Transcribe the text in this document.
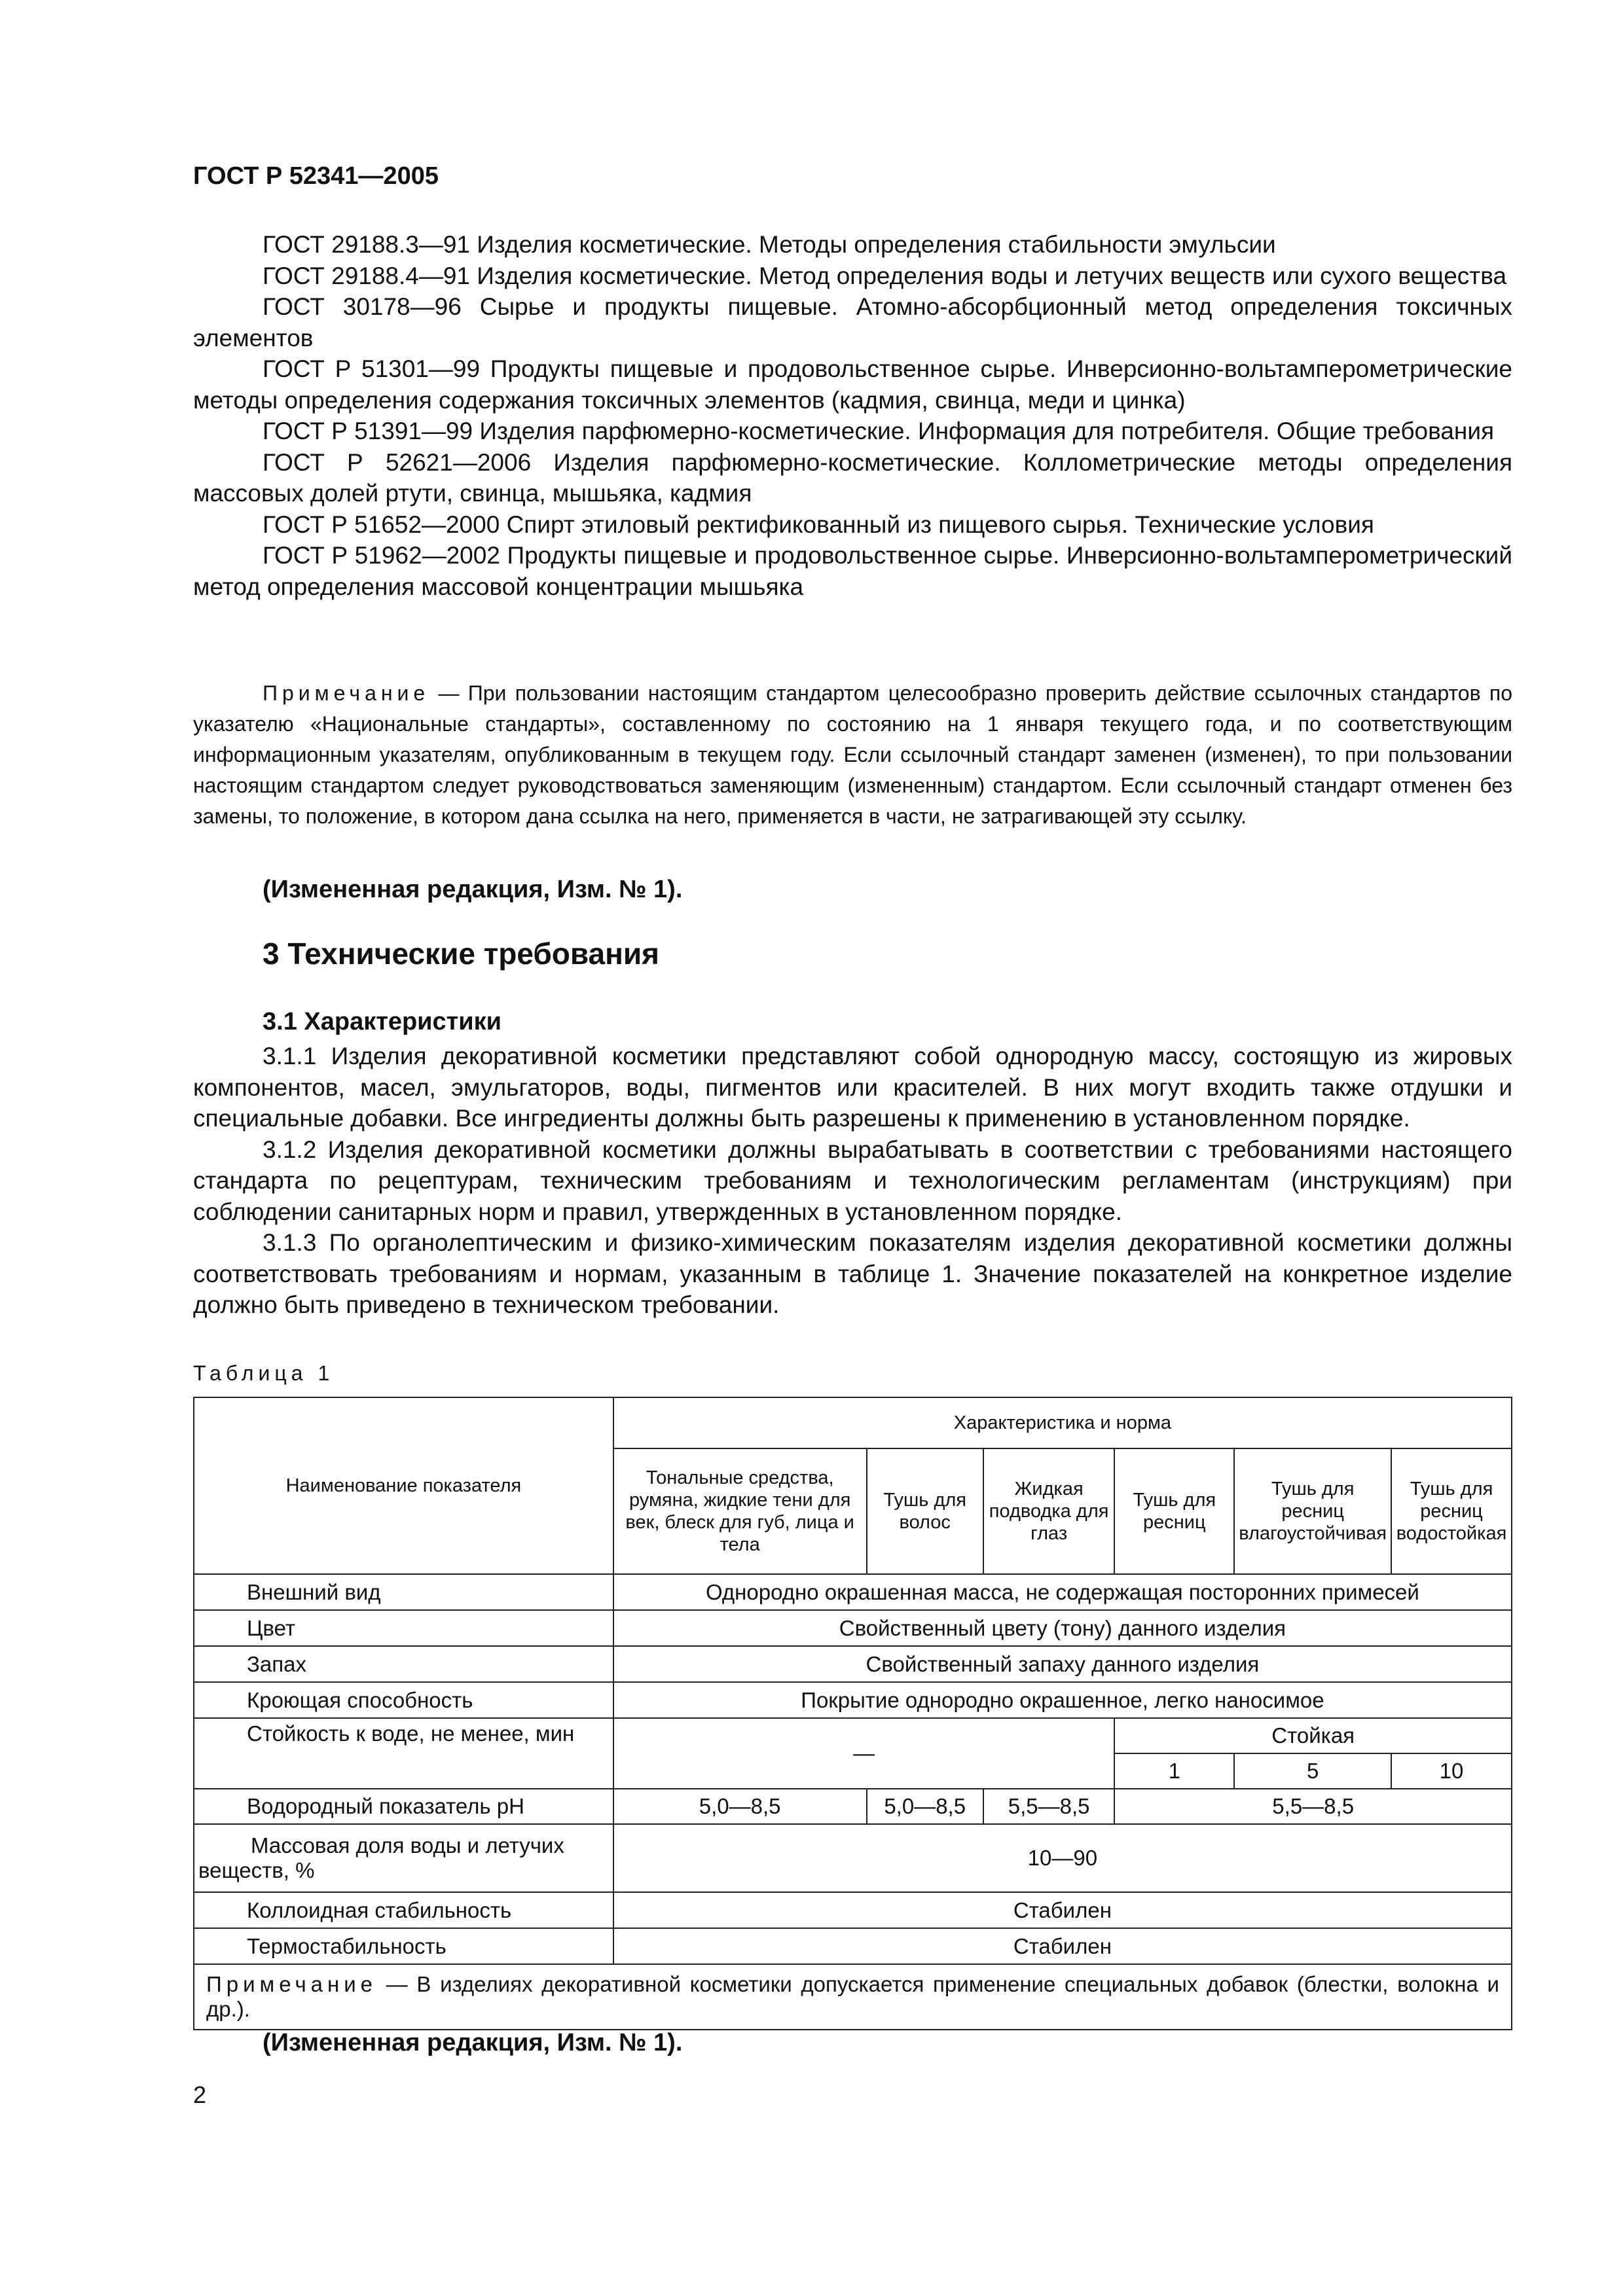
ГОСТ Р 52341—2005

ГОСТ 29188.3—91 Изделия косметические. Методы определения стабильности эмульсии

ГОСТ 29188.4—91 Изделия косметические. Метод определения воды и летучих веществ или сухого вещества

ГОСТ 30178—96 Сырье и продукты пищевые. Атомно-абсорбционный метод определения токсичных элементов

ГОСТ Р 51301—99 Продукты пищевые и продовольственное сырье. Инверсионно-вольтамперометрические методы определения содержания токсичных элементов (кадмия, свинца, меди и цинка)

ГОСТ Р 51391—99 Изделия парфюмерно-косметические. Информация для потребителя. Общие требования

ГОСТ Р 52621—2006 Изделия парфюмерно-косметические. Коллометрические методы определения массовых долей ртути, свинца, мышьяка, кадмия

ГОСТ Р 51652—2000 Спирт этиловый ректификованный из пищевого сырья. Технические условия

ГОСТ Р 51962—2002 Продукты пищевые и продовольственное сырье. Инверсионно-вольтамперометрический метод определения массовой концентрации мышьяка

Примечание — При пользовании настоящим стандартом целесообразно проверить действие ссылочных стандартов по указателю «Национальные стандарты», составленному по состоянию на 1 января текущего года, и по соответствующим информационным указателям, опубликованным в текущем году. Если ссылочный стандарт заменен (изменен), то при пользовании настоящим стандартом следует руководствоваться заменяющим (измененным) стандартом. Если ссылочный стандарт отменен без замены, то положение, в котором дана ссылка на него, применяется в части, не затрагивающей эту ссылку.

(Измененная редакция, Изм. № 1).
3 Технические требования
3.1 Характеристики

3.1.1 Изделия декоративной косметики представляют собой однородную массу, состоящую из жировых компонентов, масел, эмульгаторов, воды, пигментов или красителей. В них могут входить также отдушки и специальные добавки. Все ингредиенты должны быть разрешены к применению в установленном порядке.

3.1.2 Изделия декоративной косметики должны вырабатывать в соответствии с требованиями настоящего стандарта по рецептурам, техническим требованиям и технологическим регламентам (инструкциям) при соблюдении санитарных норм и правил, утвержденных в установленном порядке.

3.1.3 По органолептическим и физико-химическим показателям изделия декоративной косметики должны соответствовать требованиям и нормам, указанным в таблице 1. Значение показателей на конкретное изделие должно быть приведено в техническом требовании.

Таблица 1
Наименование показателя	Характеристика и норма					
	Тональные средства, румяна, жидкие тени для век, блеск для губ, лица и тела	Тушь для волос	Жидкая подводка для глаз	Тушь для ресниц	Тушь для ресниц влагоустойчивая	Тушь для ресниц водостойкая
Внешний вид	Однородно окрашенная масса, не содержащая посторонних примесей					
Цвет	Свойственный цвету (тону) данного изделия					
Запах	Свойственный запаху данного изделия					
Кроющая способность	Покрытие однородно окрашенное, легко наносимое					
Стойкость к воде, не менее, мин	—			Стойкая		
				1	5	10
Водородный показатель pH	5,0—8,5	5,0—8,5	5,5—8,5	5,5—8,5		
Массовая доля воды и летучих веществ, %	10—90					
Коллоидная стабильность	Стабилен					
Термостабильность	Стабилен					
Примечание — В изделиях декоративной косметики допускается применение специальных добавок (блестки, волокна и др.).						
(Измененная редакция, Изм. № 1).
2
